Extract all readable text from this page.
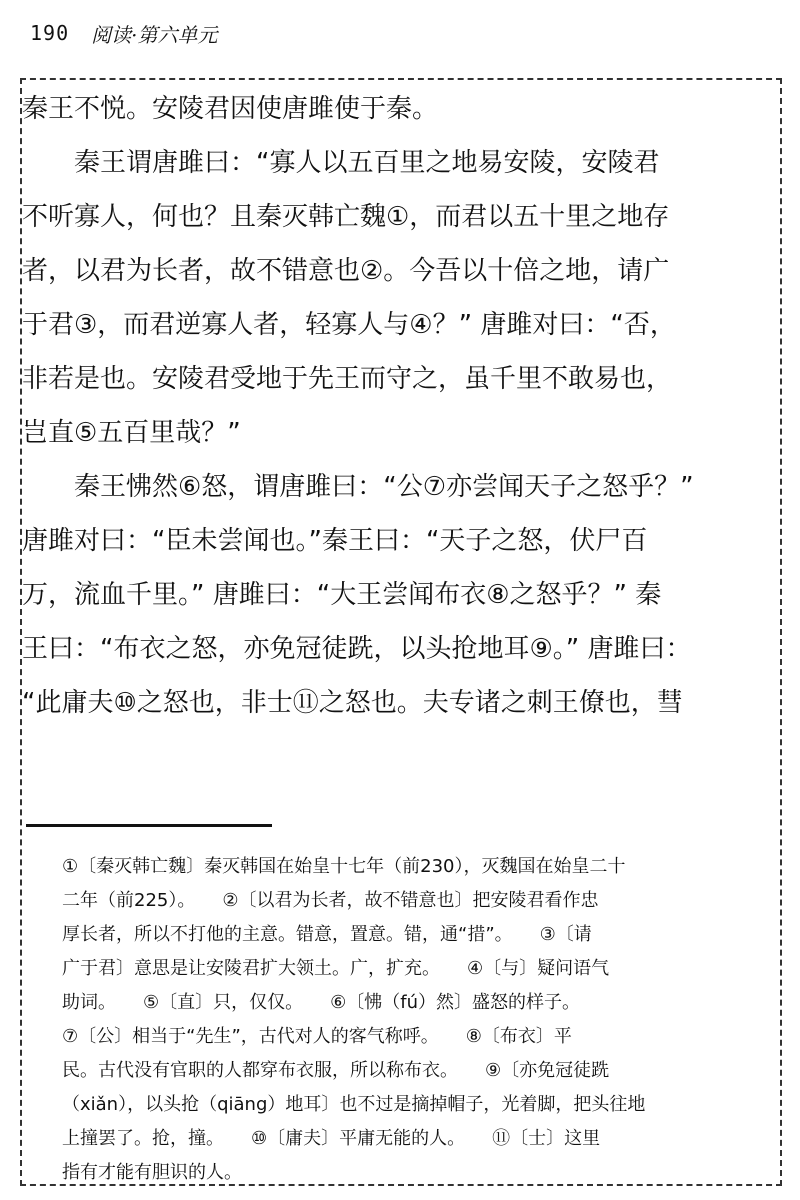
190 阅读·第六单元

秦王不悦。安陵君因使唐雎使于秦。

　　秦王谓唐雎曰：“寡人以五百里之地易安陵，安陵君

不听寡人，何也？且秦灭韩亡魏①，而君以五十里之地存

者，以君为长者，故不错意也②。今吾以十倍之地，请广

于君③，而君逆寡人者，轻寡人与④？” 唐雎对曰：“否，

非若是也。安陵君受地于先王而守之，虽千里不敢易也，

岂直⑤五百里哉？”

　　秦王怫然⑥怒，谓唐雎曰：“公⑦亦尝闻天子之怒乎？”

唐雎对曰：“臣未尝闻也。”秦王曰：“天子之怒，伏尸百

万，流血千里。” 唐雎曰：“大王尝闻布衣⑧之怒乎？” 秦

王曰：“布衣之怒，亦免冠徒跣，以头抢地耳⑨。” 唐雎曰：

“此庸夫⑩之怒也，非士⑪之怒也。夫专诸之刺王僚也，彗

①〔秦灭韩亡魏〕秦灭韩国在始皇十七年（前230），灭魏国在始皇二十

二年（前225）。　　②〔以君为长者，故不错意也〕把安陵君看作忠

厚长者，所以不打他的主意。错意，置意。错，通“措”。　　③〔请

广于君〕意思是让安陵君扩大领土。广，扩充。　　④〔与〕疑问语气

助词。　　⑤〔直〕只，仅仅。　　⑥〔怫（fú）然〕盛怒的样子。

⑦〔公〕相当于“先生”，古代对人的客气称呼。　　⑧〔布衣〕平

民。古代没有官职的人都穿布衣服，所以称布衣。　　⑨〔亦免冠徒跣

（xiǎn），以头抢（qiāng）地耳〕也不过是摘掉帽子，光着脚，把头往地

上撞罢了。抢，撞。　　⑩〔庸夫〕平庸无能的人。　　⑪〔士〕这里

指有才能有胆识的人。
